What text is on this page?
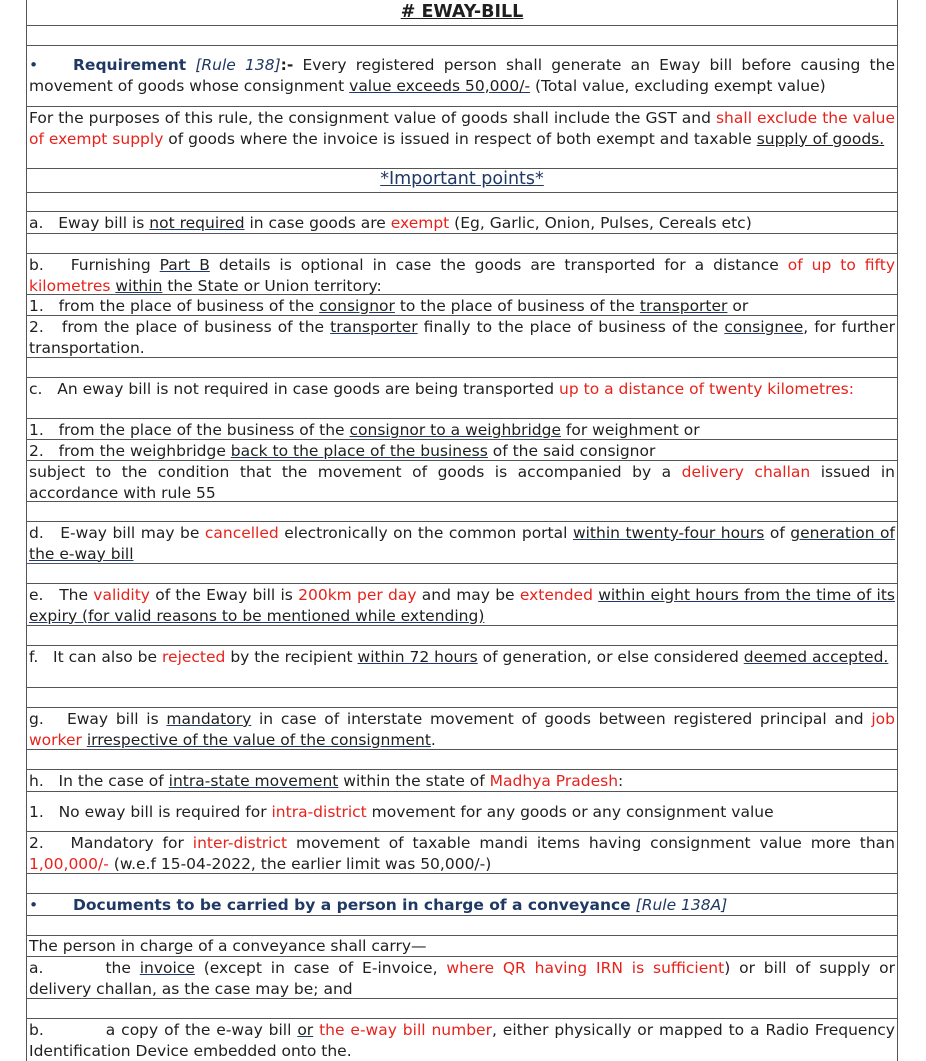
# EWAY-BILL
• Requirement [Rule 138]:- Every registered person shall generate an Eway bill before causing the movement of goods whose consignment value exceeds 50,000/- (Total value, excluding exempt value)
For the purposes of this rule, the consignment value of goods shall include the GST and shall exclude the value of exempt supply of goods where the invoice is issued in respect of both exempt and taxable supply of goods.
*Important points*
a. Eway bill is not required in case goods are exempt (Eg, Garlic, Onion, Pulses, Cereals etc)
b. Furnishing Part B details is optional in case the goods are transported for a distance of up to fifty kilometres within the State or Union territory:
1. from the place of business of the consignor to the place of business of the transporter or
2. from the place of business of the transporter finally to the place of business of the consignee, for further transportation.
c. An eway bill is not required in case goods are being transported up to a distance of twenty kilometres:
1. from the place of the business of the consignor to a weighbridge for weighment or
2. from the weighbridge back to the place of the business of the said consignor
subject to the condition that the movement of goods is accompanied by a delivery challan issued in accordance with rule 55
d. E-way bill may be cancelled electronically on the common portal within twenty-four hours of generation of the e-way bill
e. The validity of the Eway bill is 200km per day and may be extended within eight hours from the time of its expiry (for valid reasons to be mentioned while extending)
f. It can also be rejected by the recipient within 72 hours of generation, or else considered deemed accepted.
g. Eway bill is mandatory in case of interstate movement of goods between registered principal and job worker irrespective of the value of the consignment.
h. In the case of intra-state movement within the state of Madhya Pradesh:
1. No eway bill is required for intra-district movement for any goods or any consignment value
2. Mandatory for inter-district movement of taxable mandi items having consignment value more than 1,00,000/- (w.e.f 15-04-2022, the earlier limit was 50,000/-)
• Documents to be carried by a person in charge of a conveyance [Rule 138A]
The person in charge of a conveyance shall carry—
a.	the invoice (except in case of E-invoice, where QR having IRN is sufficient) or bill of supply or delivery challan, as the case may be; and
b.	a copy of the e-way bill or the e-way bill number, either physically or mapped to a Radio Frequency Identification Device embedded onto the.
